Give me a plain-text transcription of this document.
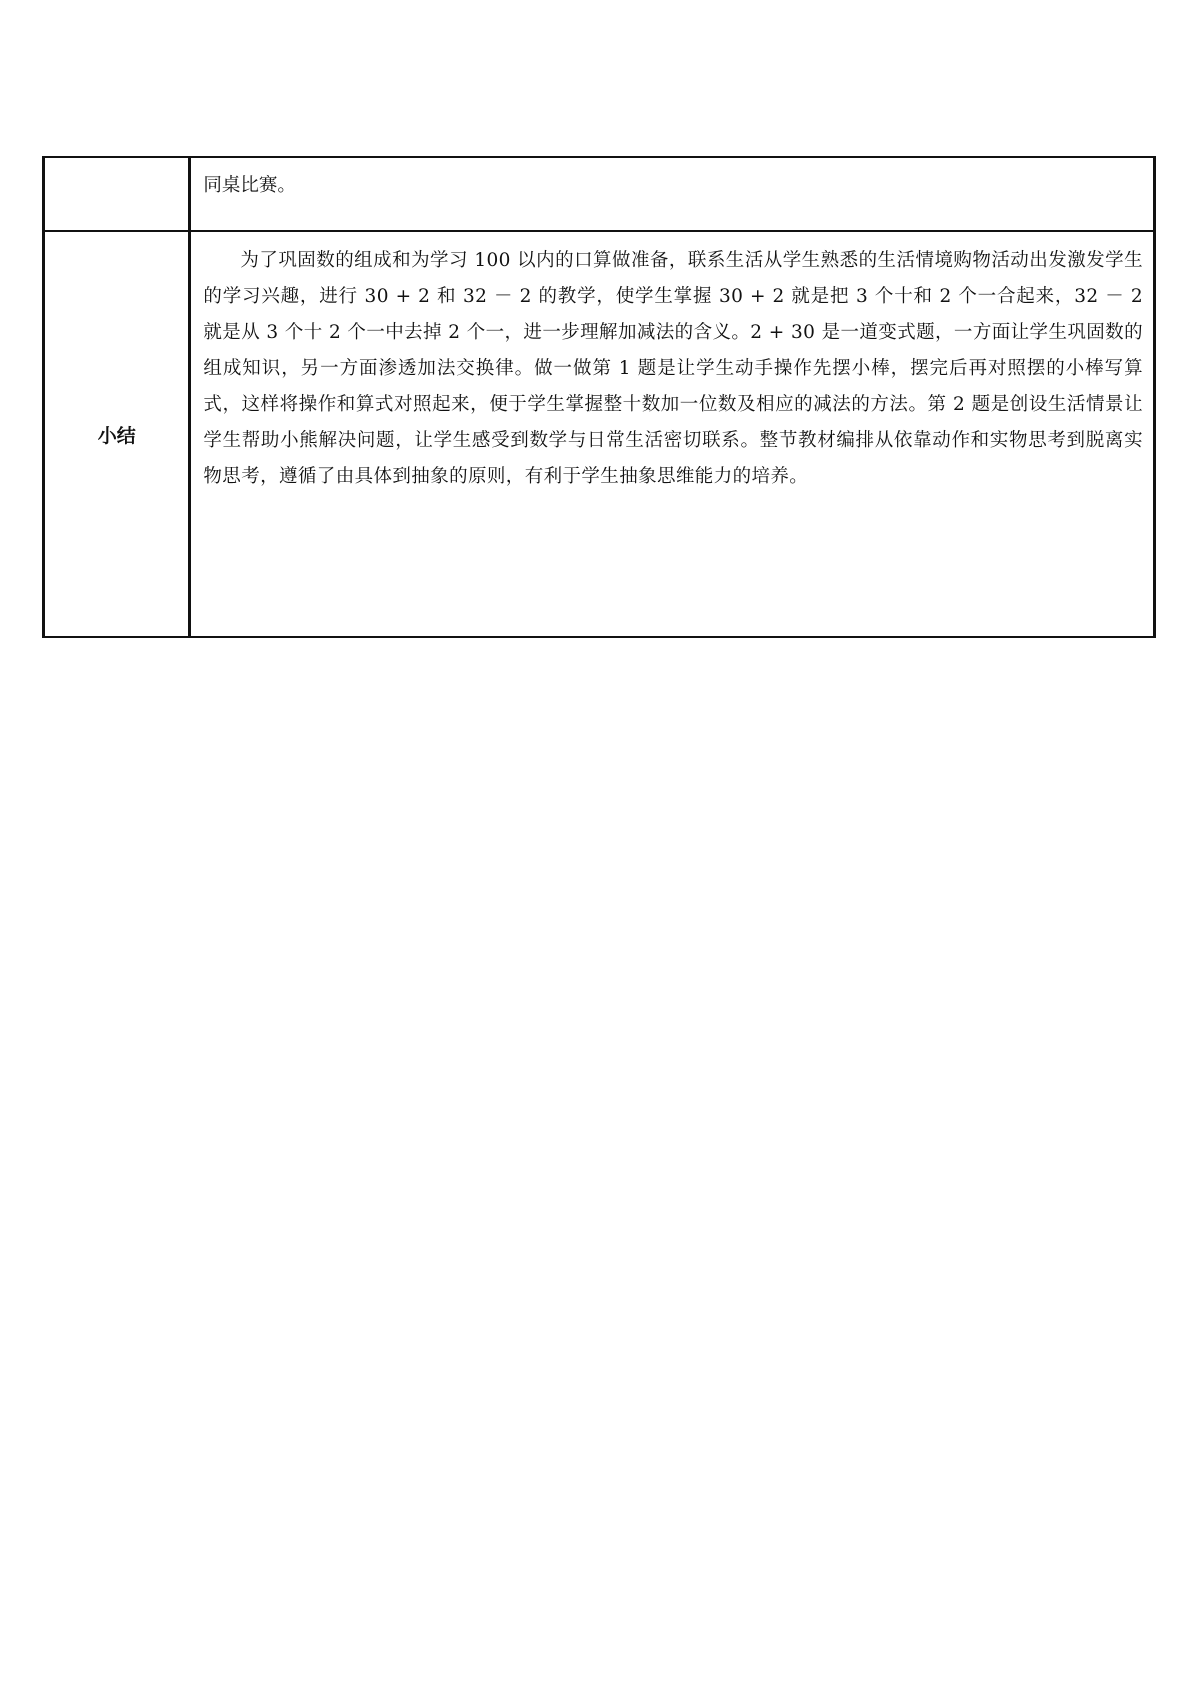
	同桌比赛。

小结	为了巩固数的组成和为学习 100 以内的口算做准备，联系生活从学生熟悉的生活情境购物活动出发激发学生的学习兴趣，进行 30 + 2 和 32 － 2 的教学，使学生掌握 30 + 2 就是把 3 个十和 2 个一合起来，32 － 2 就是从 3 个十 2 个一中去掉 2 个一，进一步理解加减法的含义。2 + 30 是一道变式题，一方面让学生巩固数的组成知识，另一方面渗透加法交换律。做一做第 1 题是让学生动手操作先摆小棒，摆完后再对照摆的小棒写算式，这样将操作和算式对照起来，便于学生掌握整十数加一位数及相应的减法的方法。第 2 题是创设生活情景让学生帮助小熊解决问题，让学生感受到数学与日常生活密切联系。整节教材编排从依靠动作和实物思考到脱离实物思考，遵循了由具体到抽象的原则，有利于学生抽象思维能力的培养。
